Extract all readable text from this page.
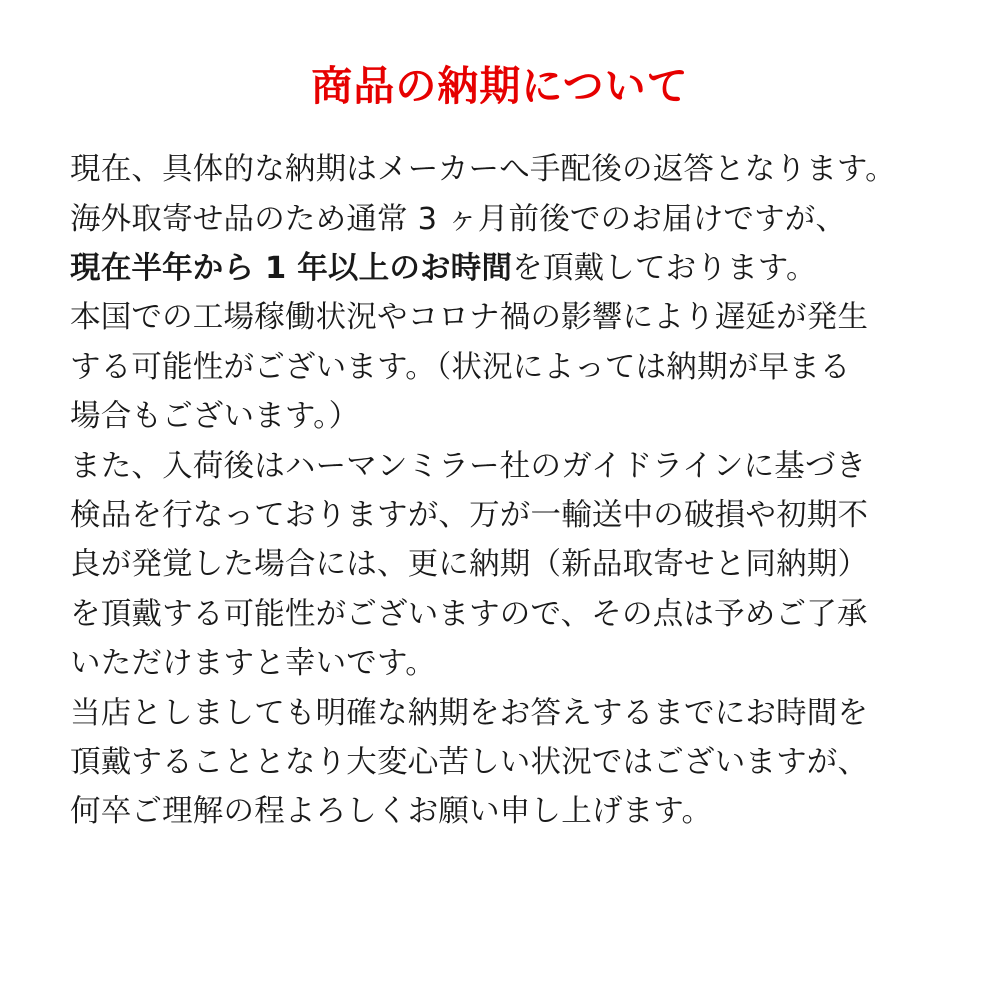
商品の納期について

現在、具体的な納期はメーカーへ手配後の返答となります。
海外取寄せ品のため通常 3 ヶ月前後でのお届けですが、

現在半年から 1 年以上のお時間を頂戴しております。

本国での工場稼働状況やコロナ禍の影響により遅延が発生
する可能性がございます。（状況によっては納期が早まる
場合もございます。）

また、入荷後はハーマンミラー社のガイドラインに基づき
検品を行なっておりますが、万が一輸送中の破損や初期不
良が発覚した場合には、更に納期（新品取寄せと同納期）
を頂戴する可能性がございますので、その点は予めご了承
いただけますと幸いです。

当店としましても明確な納期をお答えするまでにお時間を
頂戴することとなり大変心苦しい状況ではございますが、
何卒ご理解の程よろしくお願い申し上げます。
